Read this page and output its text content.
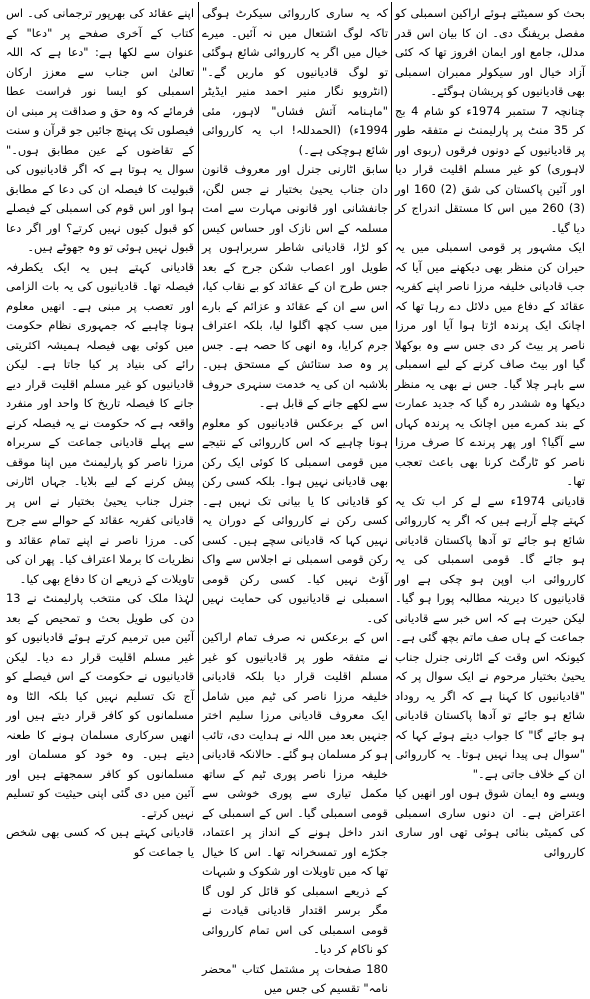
بحث کو سمیٹتے ہوئے اراکین اسمبلی کو مفصل بریفنگ دی۔ ان کا بیان اس قدر مدلل، جامع اور ایمان افروز تھا کہ کئی آزاد خیال اور سیکولر ممبران اسمبلی بھی قادیانیوں کو پریشان ہوگئے۔

چنانچہ 7 ستمبر 1974ء کو شام 4 بج کر 35 منٹ پر پارلیمنٹ نے متفقہ طور پر قادیانیوں کے دونوں فرقوں (ربوی اور لاہوری) کو غیر مسلم اقلیت قرار دیا اور آئین پاکستان کی شق (2) 160 اور (3) 260 میں اس کا مستقل اندراج کر دیا گیا۔

ایک مشہور پر قومی اسمبلی میں یہ حیران کن منظر بھی دیکھنے میں آیا کہ جب قادیانی خلیفہ مرزا ناصر اپنے کفریہ عقائد کے دفاع میں دلائل دے رہا تھا کہ اچانک ایک پرندہ اڑتا ہوا آیا اور مرزا ناصر پر بیٹ کر دی جس سے وہ بوکھلا گیا اور بیٹ صاف کرنے کے لیے اسمبلی سے باہر چلا گیا۔ جس نے بھی یہ منظر دیکھا وہ ششدر رہ گیا کہ جدید عمارت کے بند کمرے میں اچانک یہ پرندہ کہاں سے آگیا؟ اور پھر پرندے کا صرف مرزا ناصر کو ٹارگٹ کرنا بھی باعث تعجب تھا۔

قادیانی 1974ء سے لے کر اب تک یہ کہتے چلے آرہے ہیں کہ اگر یہ کارروائی شائع ہو جائے تو آدھا پاکستان قادیانی ہو جائے گا۔ قومی اسمبلی کی یہ کارروائی اب اوپن ہو چکی ہے اور قادیانیوں کا دیرینہ مطالبہ پورا ہو گیا۔ لیکن حیرت ہے کہ اس خبر سے قادیانی جماعت کے ہاں صف ماتم بچھ گئی ہے۔ کیونکہ اس وقت کے اٹارنی جنرل جناب یحییٰ بختیار مرحوم نے ایک سوال پر کہ "قادیانیوں کا کہنا ہے کہ اگر یہ روداد شائع ہو جائے تو آدھا پاکستان قادیانی ہو جائے گا" کا جواب دیتے ہوئے کہا کہ "سوال ہی پیدا نہیں ہوتا۔ یہ کارروائی ان کے خلاف جاتی ہے۔"

ویسے وہ ایمان شوق ہوں اور انھیں کیا اعتراض ہے۔ ان دنوں ساری اسمبلی کی کمیٹی بنائی ہوئی تھی اور ساری کارروائی

کہ یہ ساری کارروائی سیکرٹ ہوگی تاکہ لوگ اشتعال میں نہ آئیں۔ میرے خیال میں اگر یہ کارروائی شائع ہوگئی تو لوگ قادیانیوں کو ماریں گے۔" (انٹرویو نگار منیر احمد منیر ایڈیٹر "ماہنامہ آتش فشاں" لاہور، مئی 1994ء) (الحمدللہ! اب یہ کارروائی شائع ہوچکی ہے۔)

سابق اٹارنی جنرل اور معروف قانون دان جناب یحییٰ بختیار نے جس لگن، جانفشانی اور قانونی مہارت سے امت مسلمہ کے اس نازک اور حساس کیس کو لڑا، قادیانی شاطر سربراہوں پر طویل اور اعصاب شکن جرح کے بعد جس طرح ان کے عقائد کو بے نقاب کیا، اس سے ان کے عقائد و عزائم کے بارے میں سب کچھ اگلوا لیا، بلکہ اعتراف جرم کرایا، وہ انھی کا حصہ ہے۔ جس پر وہ صد ستائش کے مستحق ہیں۔ بلاشبہ ان کی یہ خدمت سنہری حروف سے لکھے جانے کے قابل ہے۔

اس کے برعکس قادیانیوں کو معلوم ہونا چاہیے کہ اس کارروائی کے نتیجے میں قومی اسمبلی کا کوئی ایک رکن بھی قادیانی نہیں ہوا۔ بلکہ کسی رکن کو قادیانی کا یا بیانی تک نہیں ہے۔ کسی رکن نے کارروائی کے دوران یہ نہیں کہا کہ قادیانی سچے ہیں۔ کسی رکن قومی اسمبلی نے اجلاس سے واک آؤٹ نہیں کیا۔ کسی رکن قومی اسمبلی نے قادیانیوں کی حمایت نہیں کی۔

اس کے برعکس نہ صرف تمام اراکین نے متفقہ طور پر قادیانیوں کو غیر مسلم اقلیت قرار دیا بلکہ قادیانی خلیفہ مرزا ناصر کی ٹیم میں شامل ایک معروف قادیانی مرزا سلیم اختر جنہیں بعد میں اللہ نے ہدایت دی، تائب ہو کر مسلمان ہو گئے۔ حالانکہ قادیانی خلیفہ مرزا ناصر پوری ٹیم کے ساتھ مکمل تیاری سے پوری خوشی سے قومی اسمبلی گیا۔ اس کے اسمبلی کے اندر داخل ہونے کے انداز پر اعتماد، جکڑے اور تمسخرانہ تھا۔ اس کا خیال تھا کہ میں تاویلات اور شکوک و شبہات کے ذریعے اسمبلی کو قائل کر لوں گا مگر برسر اقتدار قادیانی قیادت نے قومی اسمبلی کی اس تمام کارروائی کو ناکام کر دیا۔

180 صفحات پر مشتمل کتاب "محضر نامہ" تقسیم کی جس میں

اپنے عقائد کی بھرپور ترجمانی کی۔ اس کتاب کے آخری صفحے پر "دعا" کے عنوان سے لکھا ہے: "دعا ہے کہ اللہ تعالیٰ اس جناب سے معزز ارکان اسمبلی کو ایسا نور فراست عطا فرمائے کہ وہ حق و صداقت پر مبنی ان فیصلوں تک پہنچ جائیں جو قرآن و سنت کے تقاضوں کے عین مطابق ہوں۔" سوال یہ ہوتا ہے کہ اگر قادیانیوں کی قبولیت کا فیصلہ ان کی دعا کے مطابق ہوا اور اس قوم کی اسمبلی کے فیصلے کو قبول کیوں نہیں کرتے؟ اور اگر دعا قبول نہیں ہوئی تو وہ جھوٹے ہیں۔

قادیانی کہتے ہیں یہ ایک یکطرفہ فیصلہ تھا۔ قادیانیوں کی یہ بات الزامی اور تعصب پر مبنی ہے۔ انھیں معلوم ہونا چاہیے کہ جمہوری نظام حکومت میں کوئی بھی فیصلہ ہمیشہ اکثریتی رائے کی بنیاد پر کیا جاتا ہے۔ لیکن قادیانیوں کو غیر مسلم اقلیت قرار دیے جانے کا فیصلہ تاریخ کا واحد اور منفرد واقعہ ہے کہ حکومت نے یہ فیصلہ کرنے سے پہلے قادیانی جماعت کے سربراہ مرزا ناصر کو پارلیمنٹ میں اپنا موقف پیش کرنے کے لیے بلایا۔ جہاں اٹارنی جنرل جناب یحییٰ بختیار نے اس پر قادیانی کفریہ عقائد کے حوالے سے جرح کی۔ مرزا ناصر نے اپنے تمام عقائد و نظریات کا برملا اعتراف کیا۔ پھر ان کی تاویلات کے ذریعے ان کا دفاع بھی کیا۔

لہٰذا ملک کی منتخب پارلیمنٹ نے 13 دن کی طویل بحث و تمحیص کے بعد آئین میں ترمیم کرتے ہوئے قادیانیوں کو غیر مسلم اقلیت قرار دے دیا۔ لیکن قادیانیوں نے حکومت کے اس فیصلے کو آج تک تسلیم نہیں کیا بلکہ الٹا وہ مسلمانوں کو کافر قرار دیتے ہیں اور انھیں سرکاری مسلمان ہونے کا طعنہ دیتے ہیں۔ وہ خود کو مسلمان اور مسلمانوں کو کافر سمجھتے ہیں اور آئین میں دی گئی اپنی حیثیت کو تسلیم نہیں کرتے۔

قادیانی کہتے ہیں کہ کسی بھی شخص یا جماعت کو
